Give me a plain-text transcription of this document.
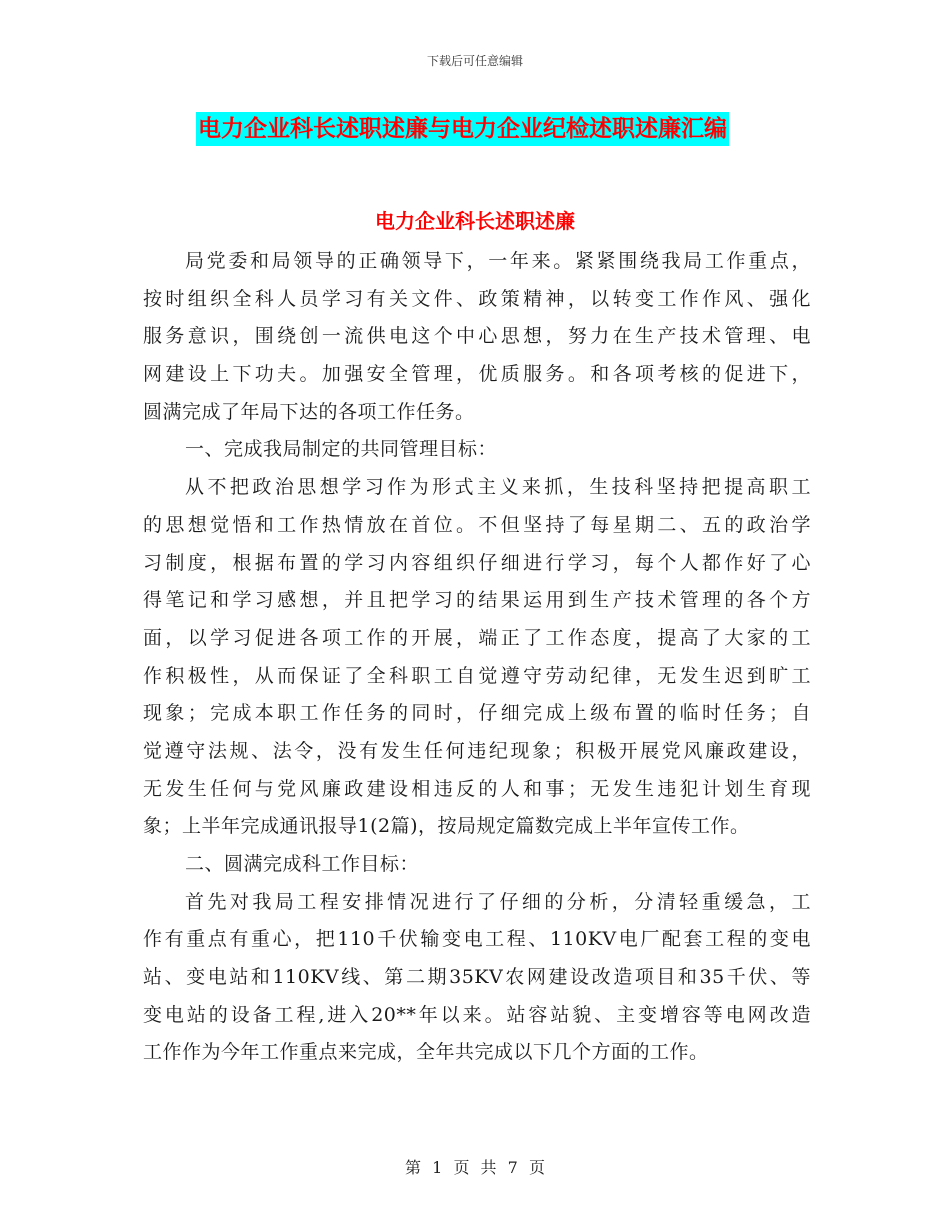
下载后可任意编辑
电力企业科长述职述廉与电力企业纪检述职述廉汇编
电力企业科长述职述廉
局党委和局领导的正确领导下，一年来。紧紧围绕我局工作重点，
按时组织全科人员学习有关文件、政策精神，以转变工作作风、强化
服务意识，围绕创一流供电这个中心思想，努力在生产技术管理、电
网建设上下功夫。加强安全管理，优质服务。和各项考核的促进下，
圆满完成了年局下达的各项工作任务。
一、完成我局制定的共同管理目标：
从不把政治思想学习作为形式主义来抓，生技科坚持把提高职工
的思想觉悟和工作热情放在首位。不但坚持了每星期二、五的政治学
习制度，根据布置的学习内容组织仔细进行学习，每个人都作好了心
得笔记和学习感想，并且把学习的结果运用到生产技术管理的各个方
面，以学习促进各项工作的开展，端正了工作态度，提高了大家的工
作积极性，从而保证了全科职工自觉遵守劳动纪律，无发生迟到旷工
现象；完成本职工作任务的同时，仔细完成上级布置的临时任务；自
觉遵守法规、法令，没有发生任何违纪现象；积极开展党风廉政建设，
无发生任何与党风廉政建设相违反的人和事；无发生违犯计划生育现
象；上半年完成通讯报导1(2篇)，按局规定篇数完成上半年宣传工作。
二、圆满完成科工作目标：
首先对我局工程安排情况进行了仔细的分析，分清轻重缓急，工
作有重点有重心，把110千伏输变电工程、110KV电厂配套工程的变电
站、变电站和110KV线、第二期35KV农网建设改造项目和35千伏、等
变电站的设备工程,进入20**年以来。站容站貌、主变增容等电网改造
工作作为今年工作重点来完成，全年共完成以下几个方面的工作。
第 1 页 共 7 页
